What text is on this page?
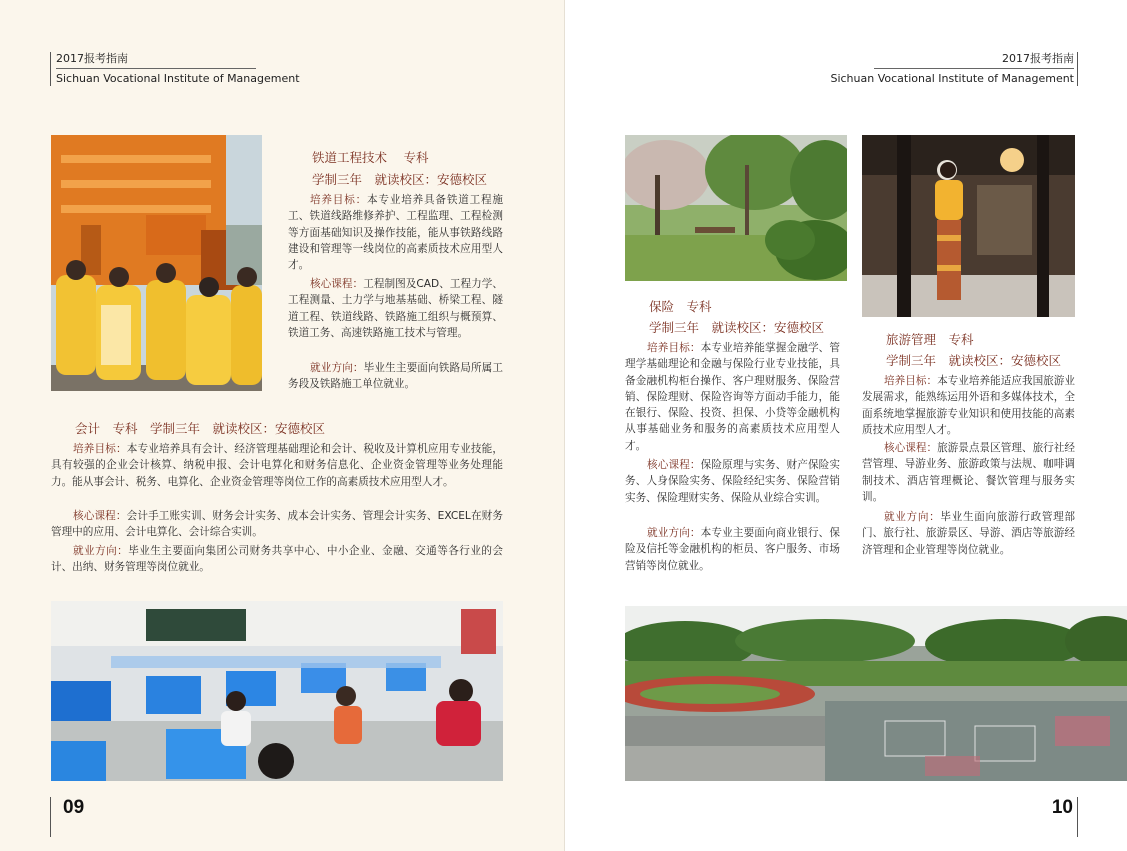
2017报考指南
Sichuan Vocational Institute of Management
铁道工程技术　 专科
学制三年　就读校区：安德校区
培养目标：本专业培养具备铁道工程施工、铁道线路维修养护、工程监理、工程检测等方面基础知识及操作技能，能从事铁路线路建设和管理等一线岗位的高素质技术应用型人才。
核心课程：工程制图及CAD、工程力学、工程测量、土力学与地基基础、桥梁工程、隧道工程、铁道线路、铁路施工组织与概预算、铁道工务、高速铁路施工技术与管理。
就业方向：毕业生主要面向铁路局所属工务段及铁路施工单位就业。
会计　专科　学制三年　就读校区：安德校区
培养目标：本专业培养具有会计、经济管理基础理论和会计、税收及计算机应用专业技能，具有较强的企业会计核算、纳税申报、会计电算化和财务信息化、企业资金管理等业务处理能力。能从事会计、税务、电算化、企业资金管理等岗位工作的高素质技术应用型人才。
核心课程：会计手工账实训、财务会计实务、成本会计实务、管理会计实务、EXCEL在财务管理中的应用、会计电算化、会计综合实训。
就业方向：毕业生主要面向集团公司财务共享中心、中小企业、金融、交通等各行业的会计、出纳、财务管理等岗位就业。
09
2017报考指南
Sichuan Vocational Institute of Management
保险　专科
学制三年　就读校区：安德校区
培养目标：本专业培养能掌握金融学、管理学基础理论和金融与保险行业专业技能，具备金融机构柜台操作、客户理财服务、保险营销、保险理财、保险咨询等方面动手能力，能在银行、保险、投资、担保、小贷等金融机构从事基础业务和服务的高素质技术应用型人才。
核心课程：保险原理与实务、财产保险实务、人身保险实务、保险经纪实务、保险营销实务、保险理财实务、保险从业综合实训。
就业方向：本专业主要面向商业银行、保险及信托等金融机构的柜员、客户服务、市场营销等岗位就业。
旅游管理　专科
学制三年　就读校区：安德校区
培养目标：本专业培养能适应我国旅游业发展需求，能熟练运用外语和多媒体技术，全面系统地掌握旅游专业知识和使用技能的高素质技术应用型人才。
核心课程：旅游景点景区管理、旅行社经营管理、导游业务、旅游政策与法规、咖啡调制技术、酒店管理概论、餐饮管理与服务实训。
就业方向：毕业生面向旅游行政管理部门、旅行社、旅游景区、导游、酒店等旅游经济管理和企业管理等岗位就业。
10
